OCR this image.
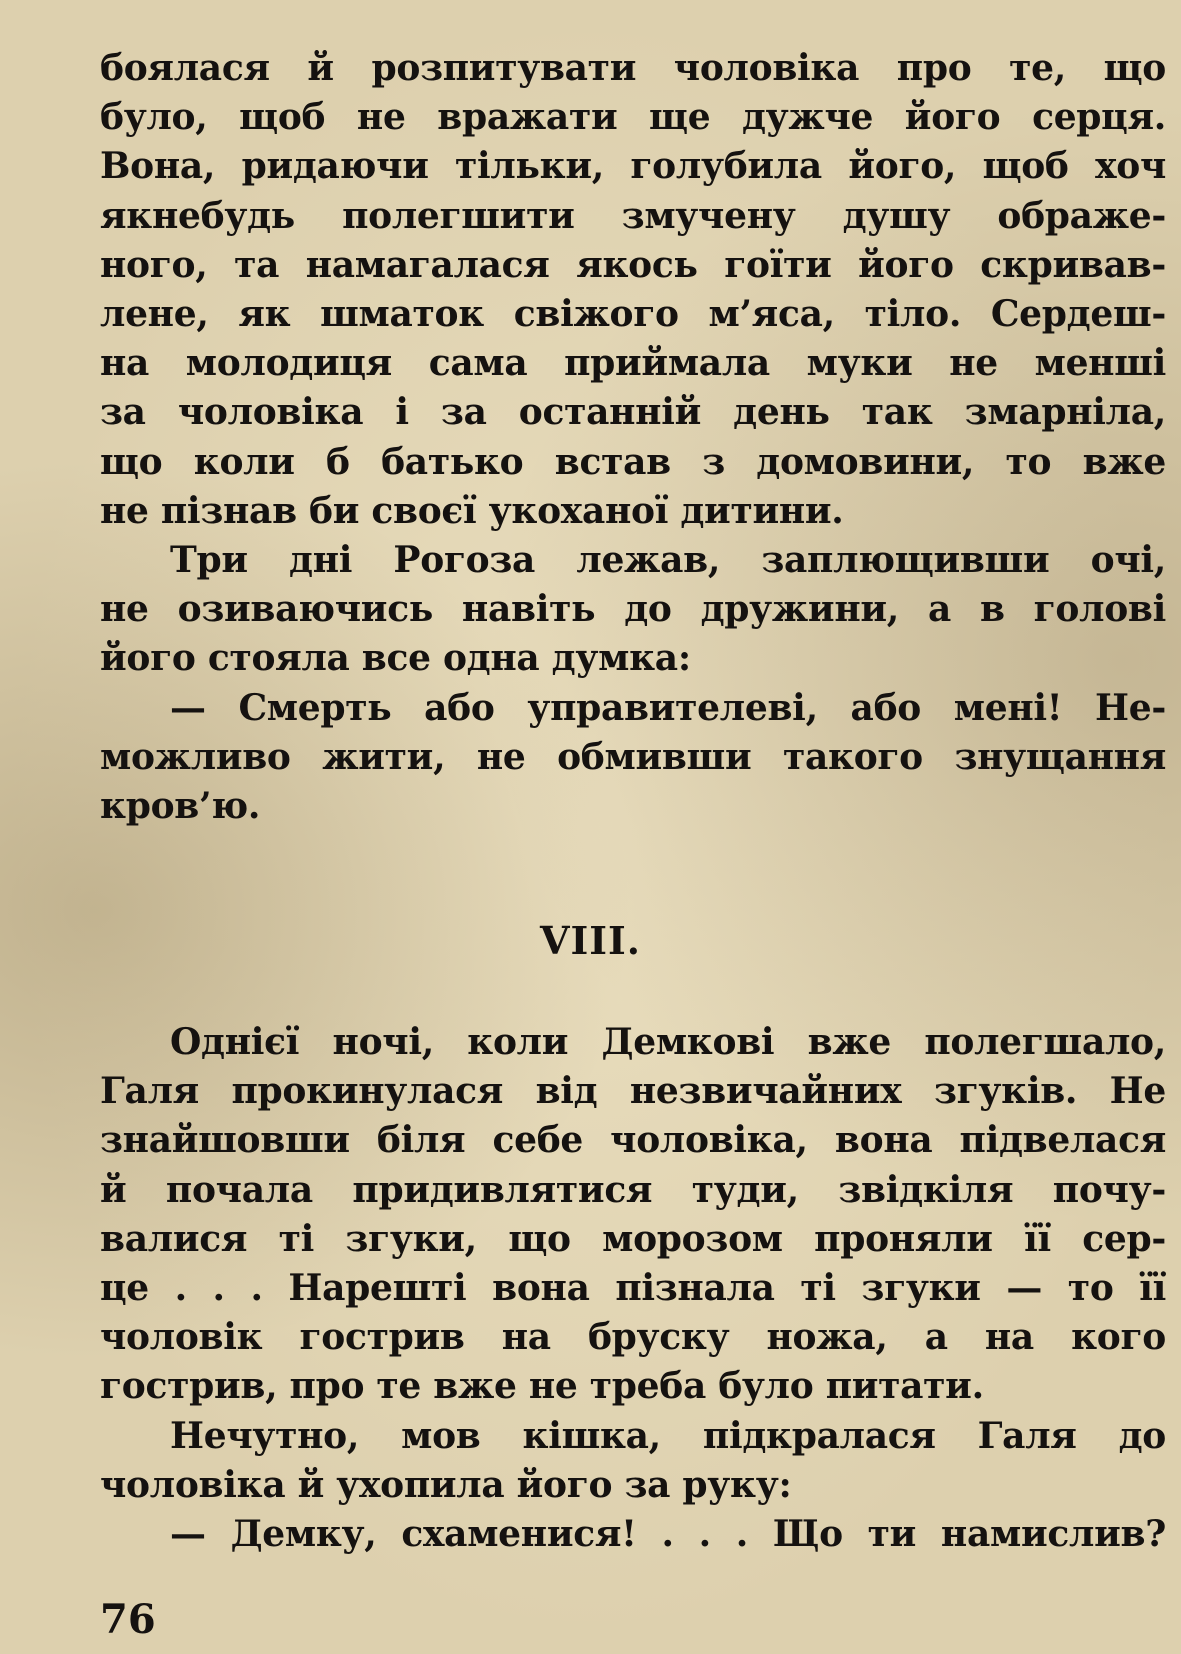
боялася й розпитувати чоловіка про те, що
було, щоб не вражати ще дужче його серця.
Вона, ридаючи тільки, голубила його, щоб хоч
якнебудь полегшити змучену душу ображе-
ного, та намагалася якось гоїти його скривав-
лене, як шматок свіжого м’яса, тіло. Сердеш-
на молодиця сама приймала муки не менші
за чоловіка і за останній день так змарніла,
що коли б батько встав з домовини, то вже
не пізнав би своєї укоханої дитини.
Три дні Рогоза лежав, заплющивши очі,
не озиваючись навіть до дружини, а в голові
його стояла все одна думка:
— Смерть або управителеві, або мені! Не-
можливо жити, не обмивши такого знущання
кров’ю.
VIII.
Однієї ночі, коли Демкові вже полегшало,
Галя прокинулася від незвичайних згуків. Не
знайшовши біля себе чоловіка, вона підвелася
й почала придивлятися туди, звідкіля почу-
валися ті згуки, що морозом проняли її сер-
це . . . Нарешті вона пізнала ті згуки — то її
чоловік гострив на бруску ножа, а на кого
гострив, про те вже не треба було питати.
Нечутно, мов кішка, підкралася Галя до
чоловіка й ухопила його за руку:
— Демку, схаменися! . . . Що ти намислив?

76
